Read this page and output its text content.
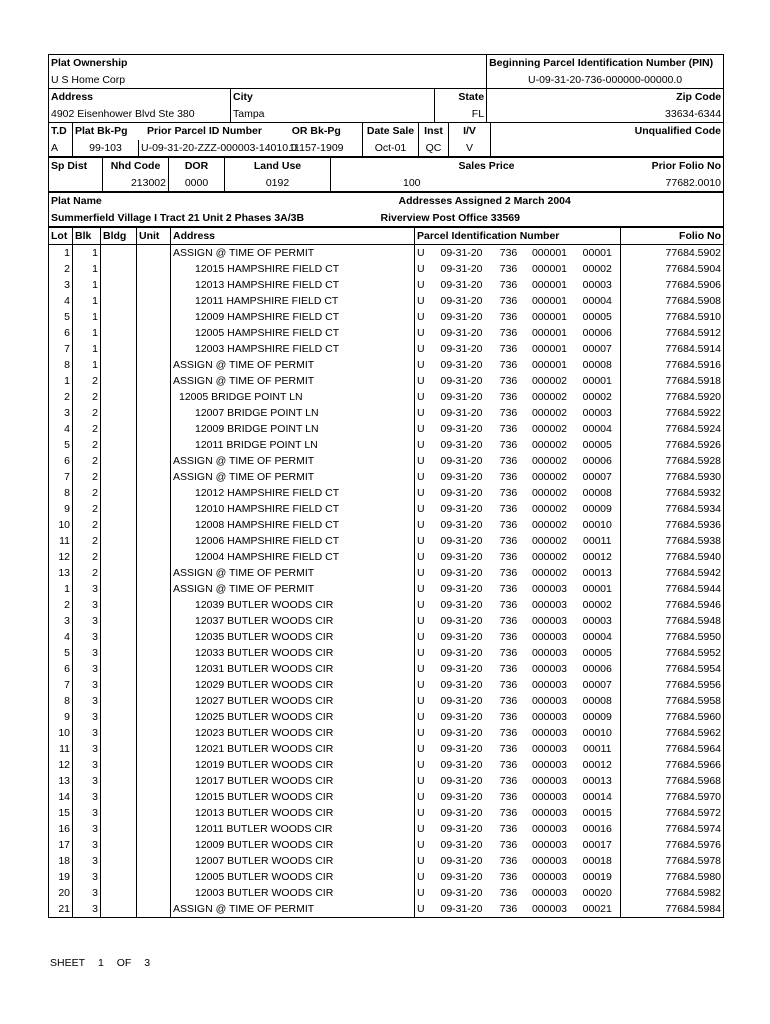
Plat Ownership			Beginning Parcel Identification Number (PIN)
U S Home Corp			U-09-31-20-736-000000-00000.0
Address	City	State	Zip Code
4902 Eisenhower Blvd Ste 380	Tampa	FL	33634-6344
T.D	Plat Bk-Pg	Prior Parcel ID Number	OR Bk-Pg	Date Sale	Inst	I/V	Unqualified Code
A	99-103	U-09-31-20-ZZZ-000003-14010.0	11157-1909	Oct-01	QC	V	
Sp Dist	Nhd Code	DOR	Land Use	Sales Price	Prior Folio No
	213002	0000	0192	100	77682.0010
Plat Name	Addresses Assigned 2 March 2004
Summerfield Village I Tract 21 Unit 2 Phases 3A/3B	Riverview Post Office 33569
Lot	Blk	Bldg	Unit	Address	Parcel Identification Number					Folio No
1	1			ASSIGN @ TIME OF PERMIT	U	09-31-20	736	000001	00001	77684.5902
2	1			12015 HAMPSHIRE FIELD CT	U	09-31-20	736	000001	00002	77684.5904
3	1			12013 HAMPSHIRE FIELD CT	U	09-31-20	736	000001	00003	77684.5906
4	1			12011 HAMPSHIRE FIELD CT	U	09-31-20	736	000001	00004	77684.5908
5	1			12009 HAMPSHIRE FIELD CT	U	09-31-20	736	000001	00005	77684.5910
6	1			12005 HAMPSHIRE FIELD CT	U	09-31-20	736	000001	00006	77684.5912
7	1			12003 HAMPSHIRE FIELD CT	U	09-31-20	736	000001	00007	77684.5914
8	1			ASSIGN @ TIME OF PERMIT	U	09-31-20	736	000001	00008	77684.5916
1	2			ASSIGN @ TIME OF PERMIT	U	09-31-20	736	000002	00001	77684.5918
2	2			12005 BRIDGE POINT LN	U	09-31-20	736	000002	00002	77684.5920
3	2			12007 BRIDGE POINT LN	U	09-31-20	736	000002	00003	77684.5922
4	2			12009 BRIDGE POINT LN	U	09-31-20	736	000002	00004	77684.5924
5	2			12011 BRIDGE POINT LN	U	09-31-20	736	000002	00005	77684.5926
6	2			ASSIGN @ TIME OF PERMIT	U	09-31-20	736	000002	00006	77684.5928
7	2			ASSIGN @ TIME OF PERMIT	U	09-31-20	736	000002	00007	77684.5930
8	2			12012 HAMPSHIRE FIELD CT	U	09-31-20	736	000002	00008	77684.5932
9	2			12010 HAMPSHIRE FIELD CT	U	09-31-20	736	000002	00009	77684.5934
10	2			12008 HAMPSHIRE FIELD CT	U	09-31-20	736	000002	00010	77684.5936
11	2			12006 HAMPSHIRE FIELD CT	U	09-31-20	736	000002	00011	77684.5938
12	2			12004 HAMPSHIRE FIELD CT	U	09-31-20	736	000002	00012	77684.5940
13	2			ASSIGN @ TIME OF PERMIT	U	09-31-20	736	000002	00013	77684.5942
1	3			ASSIGN @ TIME OF PERMIT	U	09-31-20	736	000003	00001	77684.5944
2	3			12039 BUTLER WOODS CIR	U	09-31-20	736	000003	00002	77684.5946
3	3			12037 BUTLER WOODS CIR	U	09-31-20	736	000003	00003	77684.5948
4	3			12035 BUTLER WOODS CIR	U	09-31-20	736	000003	00004	77684.5950
5	3			12033 BUTLER WOODS CIR	U	09-31-20	736	000003	00005	77684.5952
6	3			12031 BUTLER WOODS CIR	U	09-31-20	736	000003	00006	77684.5954
7	3			12029 BUTLER WOODS CIR	U	09-31-20	736	000003	00007	77684.5956
8	3			12027 BUTLER WOODS CIR	U	09-31-20	736	000003	00008	77684.5958
9	3			12025 BUTLER WOODS CIR	U	09-31-20	736	000003	00009	77684.5960
10	3			12023 BUTLER WOODS CIR	U	09-31-20	736	000003	00010	77684.5962
11	3			12021 BUTLER WOODS CIR	U	09-31-20	736	000003	00011	77684.5964
12	3			12019 BUTLER WOODS CIR	U	09-31-20	736	000003	00012	77684.5966
13	3			12017 BUTLER WOODS CIR	U	09-31-20	736	000003	00013	77684.5968
14	3			12015 BUTLER WOODS CIR	U	09-31-20	736	000003	00014	77684.5970
15	3			12013 BUTLER WOODS CIR	U	09-31-20	736	000003	00015	77684.5972
16	3			12011 BUTLER WOODS CIR	U	09-31-20	736	000003	00016	77684.5974
17	3			12009 BUTLER WOODS CIR	U	09-31-20	736	000003	00017	77684.5976
18	3			12007 BUTLER WOODS CIR	U	09-31-20	736	000003	00018	77684.5978
19	3			12005 BUTLER WOODS CIR	U	09-31-20	736	000003	00019	77684.5980
20	3			12003 BUTLER WOODS CIR	U	09-31-20	736	000003	00020	77684.5982
21	3			ASSIGN @ TIME OF PERMIT	U	09-31-20	736	000003	00021	77684.5984
SHEET 1 OF 3
